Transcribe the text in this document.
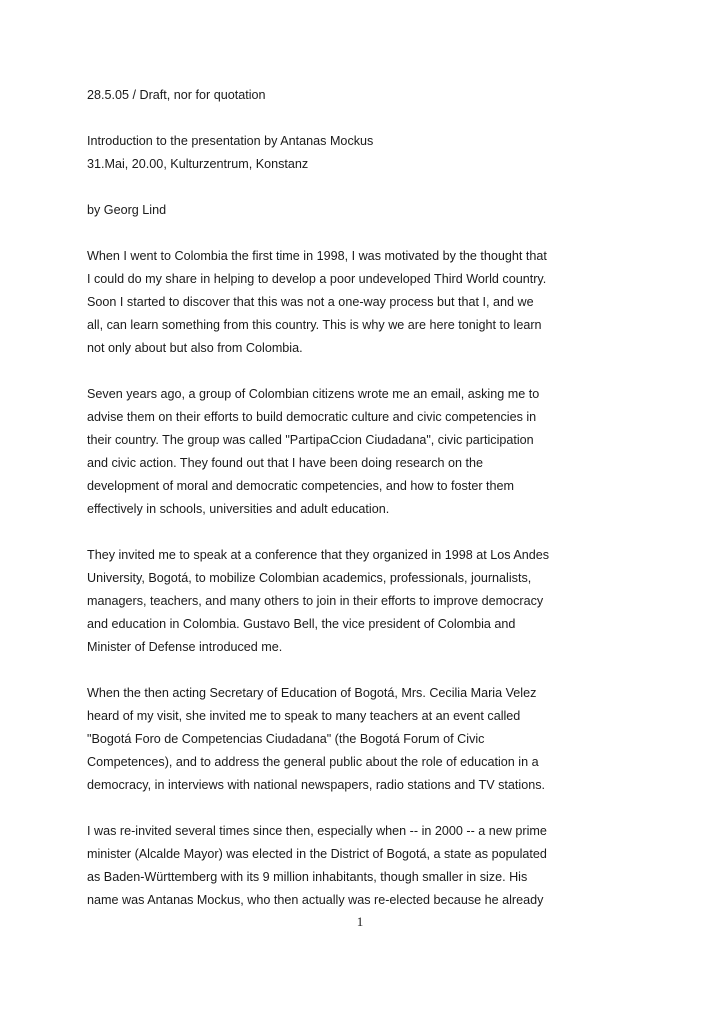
28.5.05 / Draft, nor for quotation
Introduction to the presentation by Antanas Mockus
31.Mai, 20.00, Kulturzentrum, Konstanz
by Georg Lind
When I went to Colombia the first time in 1998, I was motivated by the thought that
I could do my share in helping to develop a poor undeveloped Third World country.
Soon I started to discover that this was not a one-way process but that I, and we
all, can learn something from this country. This is why we are here tonight to learn
not only about but also from Colombia.
Seven years ago, a group of Colombian citizens wrote me an email, asking me to
advise them on their efforts to build democratic culture and civic competencies in
their country. The group was called "PartipaCcion Ciudadana", civic participation
and civic action. They found out that I have been doing research on the
development of moral and democratic competencies, and how to foster them
effectively in schools, universities and adult education.
They invited me to speak at a conference that they organized in 1998 at Los Andes
University, Bogotá, to mobilize Colombian academics, professionals, journalists,
managers, teachers, and many others to join in their efforts to improve democracy
and education in Colombia. Gustavo Bell, the vice president of Colombia and
Minister of Defense introduced me.
When the then acting Secretary of Education of Bogotá, Mrs. Cecilia Maria Velez
heard of my visit, she invited me to speak to many teachers at an event called
"Bogotá Foro de Competencias Ciudadana" (the Bogotá Forum of Civic
Competences), and to address the general public about the role of education in a
democracy, in interviews with national newspapers, radio stations and TV stations.
I was re-invited several times since then, especially when -- in 2000 -- a new prime
minister (Alcalde Mayor) was elected in the District of Bogotá, a state as populated
as Baden-Württemberg with its 9 million inhabitants, though smaller in size. His
name was Antanas Mockus, who then actually was re-elected because he already
1
